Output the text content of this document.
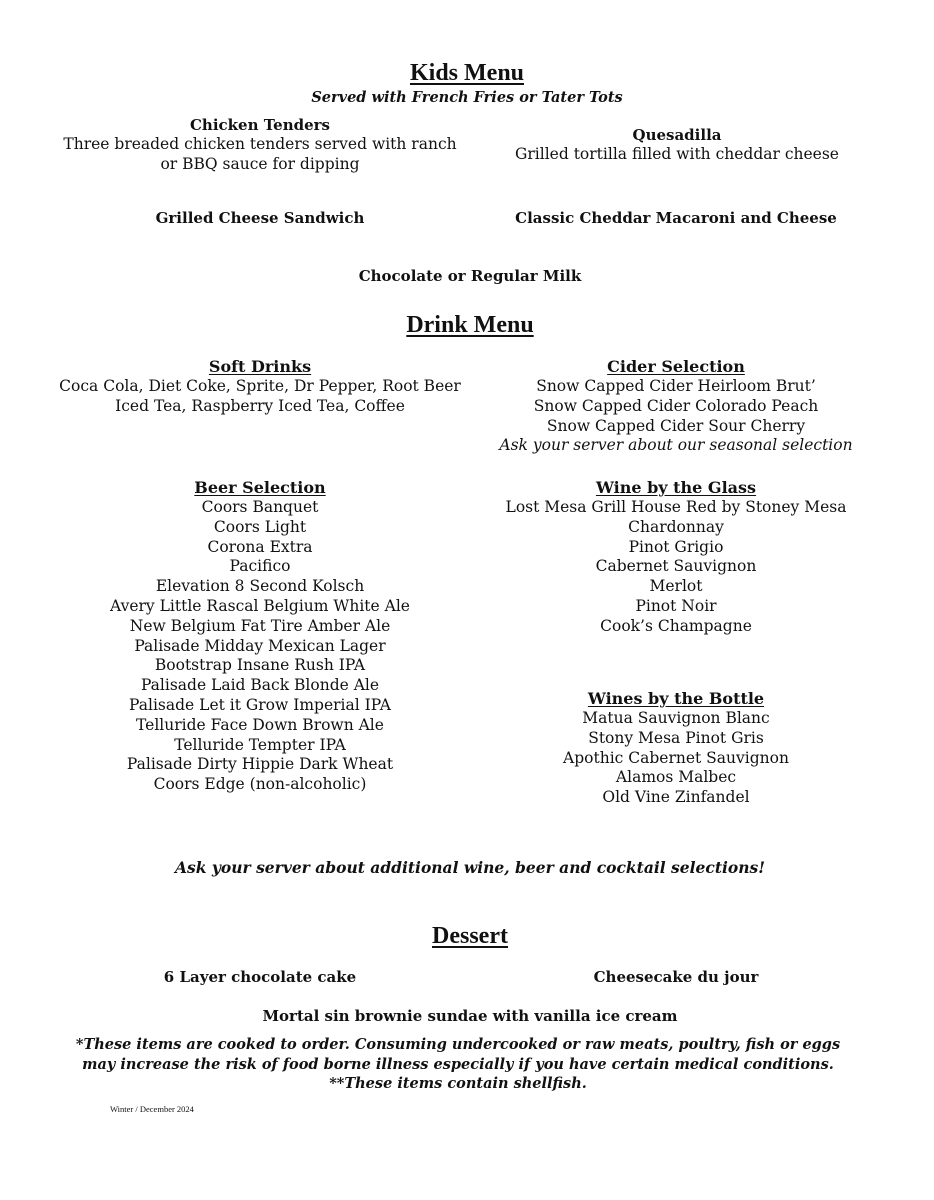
Kids Menu
Served with French Fries or Tater Tots
Chicken Tenders
Three breaded chicken tenders served with ranch
or BBQ sauce for dipping
Quesadilla
Grilled tortilla filled with cheddar cheese
Grilled Cheese Sandwich	Classic Cheddar Macaroni and Cheese
Chocolate or Regular Milk
Drink Menu
Soft Drinks
Coca Cola, Diet Coke, Sprite, Dr Pepper, Root Beer
Iced Tea, Raspberry Iced Tea, Coffee
Cider Selection
Snow Capped Cider Heirloom Brut’
Snow Capped Cider Colorado Peach
Snow Capped Cider Sour Cherry
Ask your server about our seasonal selection
Beer Selection
Coors Banquet
Coors Light
Corona Extra
Pacifico
Elevation 8 Second Kolsch
Avery Little Rascal Belgium White Ale
New Belgium Fat Tire Amber Ale
Palisade Midday Mexican Lager
Bootstrap Insane Rush IPA
Palisade Laid Back Blonde Ale
Palisade Let it Grow Imperial IPA
Telluride Face Down Brown Ale
Telluride Tempter IPA
Palisade Dirty Hippie Dark Wheat
Coors Edge (non-alcoholic)
Wine by the Glass
Lost Mesa Grill House Red by Stoney Mesa
Chardonnay
Pinot Grigio
Cabernet Sauvignon
Merlot
Pinot Noir
Cook’s Champagne
Wines by the Bottle
Matua Sauvignon Blanc
Stony Mesa Pinot Gris
Apothic Cabernet Sauvignon
Alamos Malbec
Old Vine Zinfandel
Ask your server about additional wine, beer and cocktail selections!
Dessert
6 Layer chocolate cake	Cheesecake du jour
Mortal sin brownie sundae with vanilla ice cream
*These items are cooked to order. Consuming undercooked or raw meats, poultry, fish or eggs
may increase the risk of food borne illness especially if you have certain medical conditions.
**These items contain shellfish.
Winter / December 2024
